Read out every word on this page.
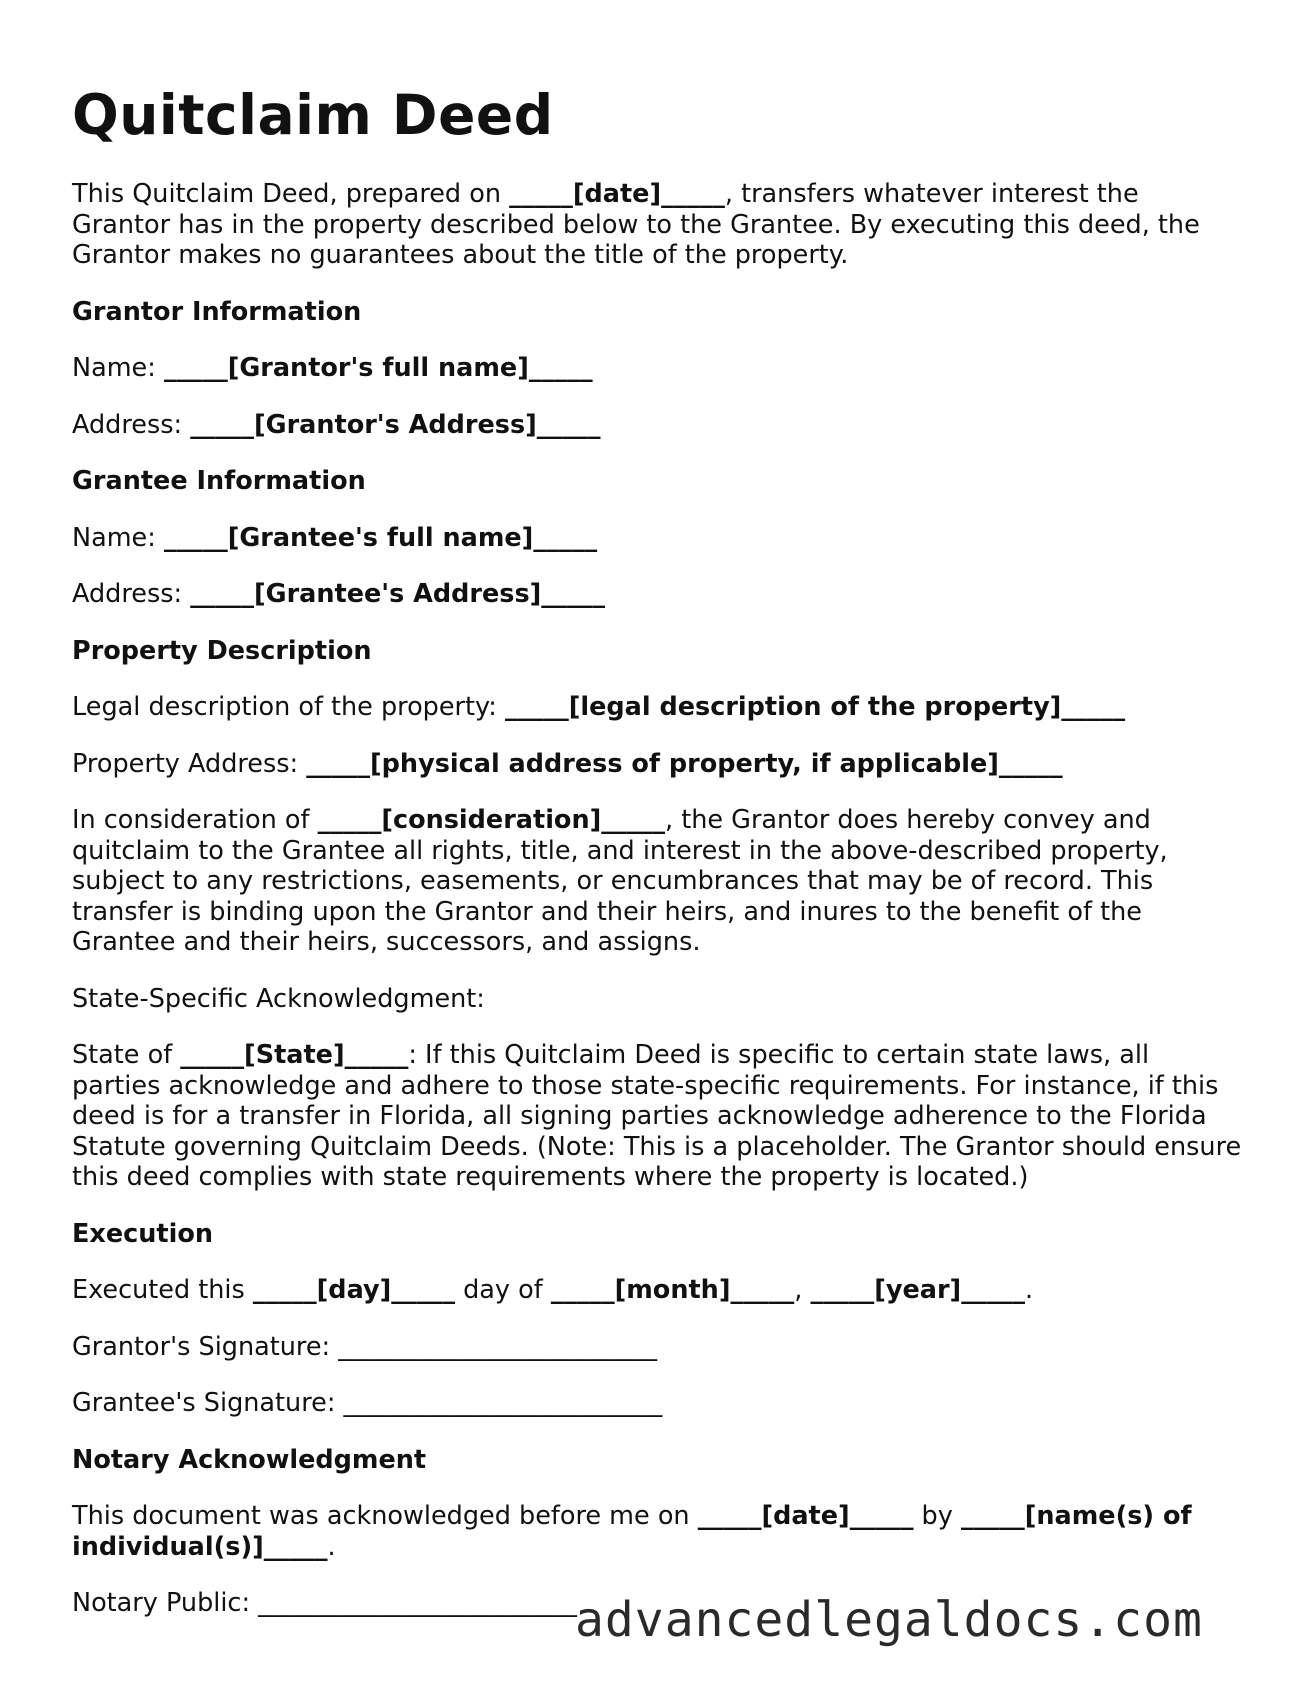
Quitclaim Deed

This Quitclaim Deed, prepared on _____[date]_____, transfers whatever interest the Grantor has in the property described below to the Grantee. By executing this deed, the Grantor makes no guarantees about the title of the property.

Grantor Information

Name: _____[Grantor's full name]_____

Address: _____[Grantor's Address]_____

Grantee Information

Name: _____[Grantee's full name]_____

Address: _____[Grantee's Address]_____

Property Description

Legal description of the property: _____[legal description of the property]_____

Property Address: _____[physical address of property, if applicable]_____

In consideration of _____[consideration]_____, the Grantor does hereby convey and quitclaim to the Grantee all rights, title, and interest in the above-described property, subject to any restrictions, easements, or encumbrances that may be of record. This transfer is binding upon the Grantor and their heirs, and inures to the benefit of the Grantee and their heirs, successors, and assigns.

State-Specific Acknowledgment:

State of _____[State]_____: If this Quitclaim Deed is specific to certain state laws, all parties acknowledge and adhere to those state-specific requirements. For instance, if this deed is for a transfer in Florida, all signing parties acknowledge adherence to the Florida Statute governing Quitclaim Deeds. (Note: This is a placeholder. The Grantor should ensure this deed complies with state requirements where the property is located.)

Execution

Executed this _____[day]_____ day of _____[month]_____, _____[year]_____.

Grantor's Signature: _________________________

Grantee's Signature: _________________________

Notary Acknowledgment

This document was acknowledged before me on _____[date]_____ by _____[name(s) of individual(s)]_____.

Notary Public: _________________________

advancedlegaldocs.com
